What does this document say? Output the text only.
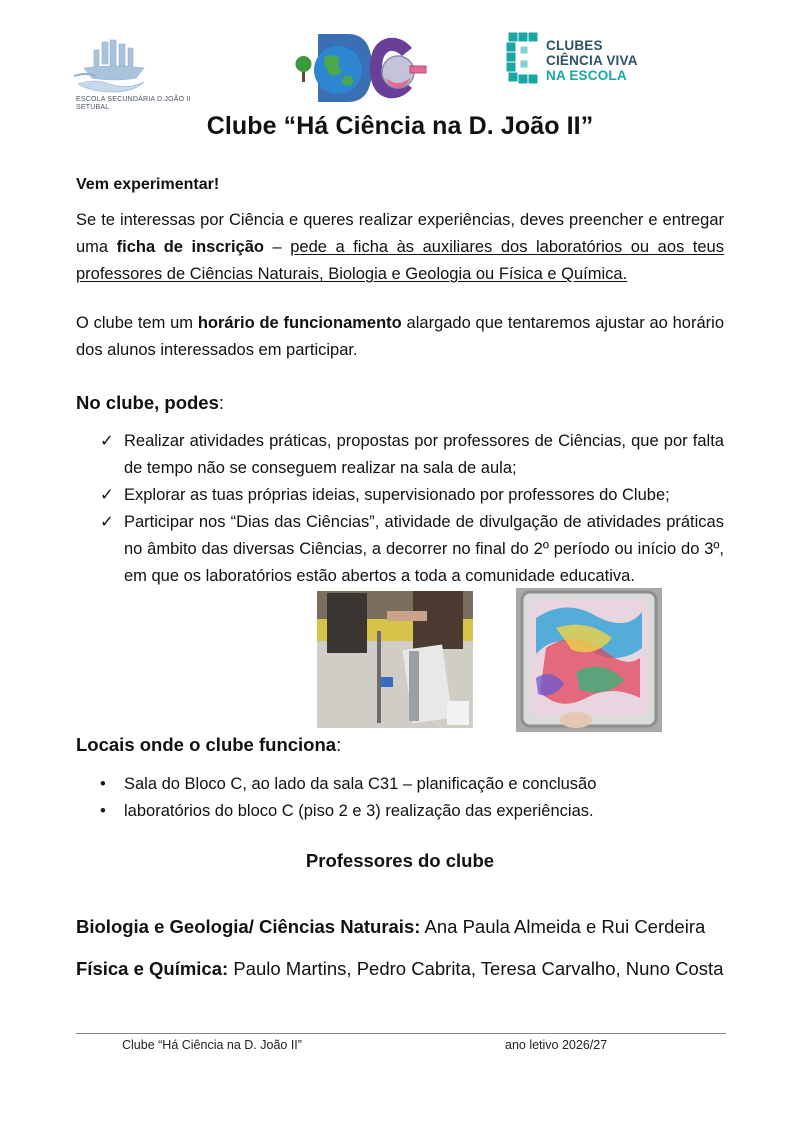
ESCOLA SECUNDÁRIA D.JOÃO II
SETÚBAL
CLUBES
CIÊNCIA VIVA
NA ESCOLA
Clube “Há Ciência na D. João II”

Vem experimentar!

Se te interessas por Ciência e queres realizar experiências, deves preencher e entregar uma ficha de inscrição – pede a ficha às auxiliares dos laboratórios ou aos teus professores de Ciências Naturais, Biologia e Geologia ou Física e Química.

O clube tem um horário de funcionamento alargado que tentaremos ajustar ao horário dos alunos interessados em participar.

No clube, podes:

✓ Realizar atividades práticas, propostas por professores de Ciências, que por falta de tempo não se conseguem realizar na sala de aula;
✓ Explorar as tuas próprias ideias, supervisionado por professores do Clube;
✓ Participar nos “Dias das Ciências”, atividade de divulgação de atividades práticas no âmbito das diversas Ciências, a decorrer no final do 2º período ou início do 3º, em que os laboratórios estão abertos a toda a comunidade educativa.

Locais onde o clube funciona:

• Sala do Bloco C, ao lado da sala C31 – planificação e conclusão
• laboratórios do bloco C (piso 2 e 3) realização das experiências.

Professores do clube

Biologia e Geologia/ Ciências Naturais: Ana Paula Almeida e Rui Cerdeira

Física e Química: Paulo Martins, Pedro Cabrita, Teresa Carvalho, Nuno Costa

Clube “Há Ciência na D. João II”	ano letivo 2026/27
